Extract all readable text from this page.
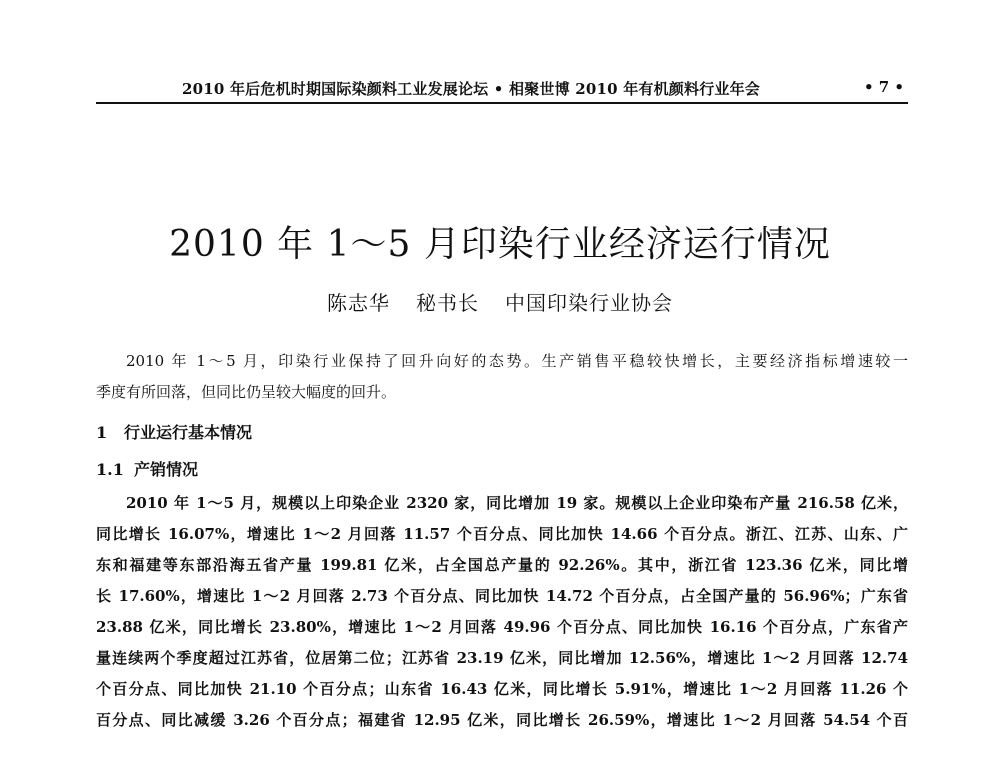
2010 年后危机时期国际染颜料工业发展论坛 • 相聚世博 2010 年有机颜料行业年会	• 7 •
2010 年 1～5 月印染行业经济运行情况
陈志华 秘书长 中国印染行业协会
2010 年 1～5 月，印染行业保持了回升向好的态势。生产销售平稳较快增长，主要经济指标增速较一
季度有所回落，但同比仍呈较大幅度的回升。
1 行业运行基本情况
1.1 产销情况
2010 年 1～5 月，规模以上印染企业 2320 家，同比增加 19 家。规模以上企业印染布产量 216.58 亿米，
同比增长 16.07%，增速比 1～2 月回落 11.57 个百分点、同比加快 14.66 个百分点。浙江、江苏、山东、广
东和福建等东部沿海五省产量 199.81 亿米，占全国总产量的 92.26%。其中，浙江省 123.36 亿米，同比增
长 17.60%，增速比 1～2 月回落 2.73 个百分点、同比加快 14.72 个百分点，占全国产量的 56.96%；广东省
23.88 亿米，同比增长 23.80%，增速比 1～2 月回落 49.96 个百分点、同比加快 16.16 个百分点，广东省产
量连续两个季度超过江苏省，位居第二位；江苏省 23.19 亿米，同比增加 12.56%，增速比 1～2 月回落 12.74
个百分点、同比加快 21.10 个百分点；山东省 16.43 亿米，同比增长 5.91%，增速比 1～2 月回落 11.26 个
百分点、同比减缓 3.26 个百分点；福建省 12.95 亿米，同比增长 26.59%，增速比 1～2 月回落 54.54 个百
